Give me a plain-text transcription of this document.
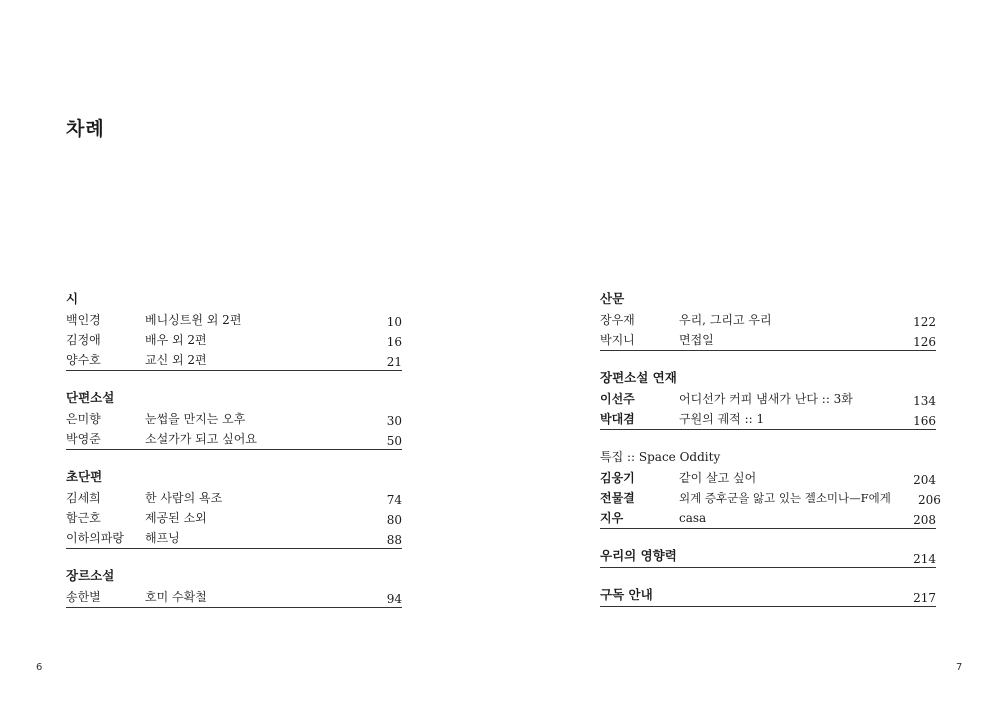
차례
시
백인경	베니싱트윈 외 2편	10
김정애	배우 외 2편	16
양수호	교신 외 2편	21
단편소설
은미향	눈썹을 만지는 오후	30
박영준	소설가가 되고 싶어요	50
초단편
김세희	한 사람의 욕조	74
함근호	제공된 소외	80
이하의파랑	해프닝	88
장르소설
송한별	호미 수확철	94
산문
장우재	우리, 그리고 우리	122
박지니	면접일	126
장편소설 연재
이선주	어디선가 커피 냄새가 난다 :: 3화	134
박대겸	구원의 궤적 :: 1	166
특집 :: Space Oddity
김웅기	같이 살고 싶어	204
전물결	외계 증후군을 앓고 있는 젤소미나—F에게	206
지우	casa	208
우리의 영향력	214
구독 안내	217
6	7
